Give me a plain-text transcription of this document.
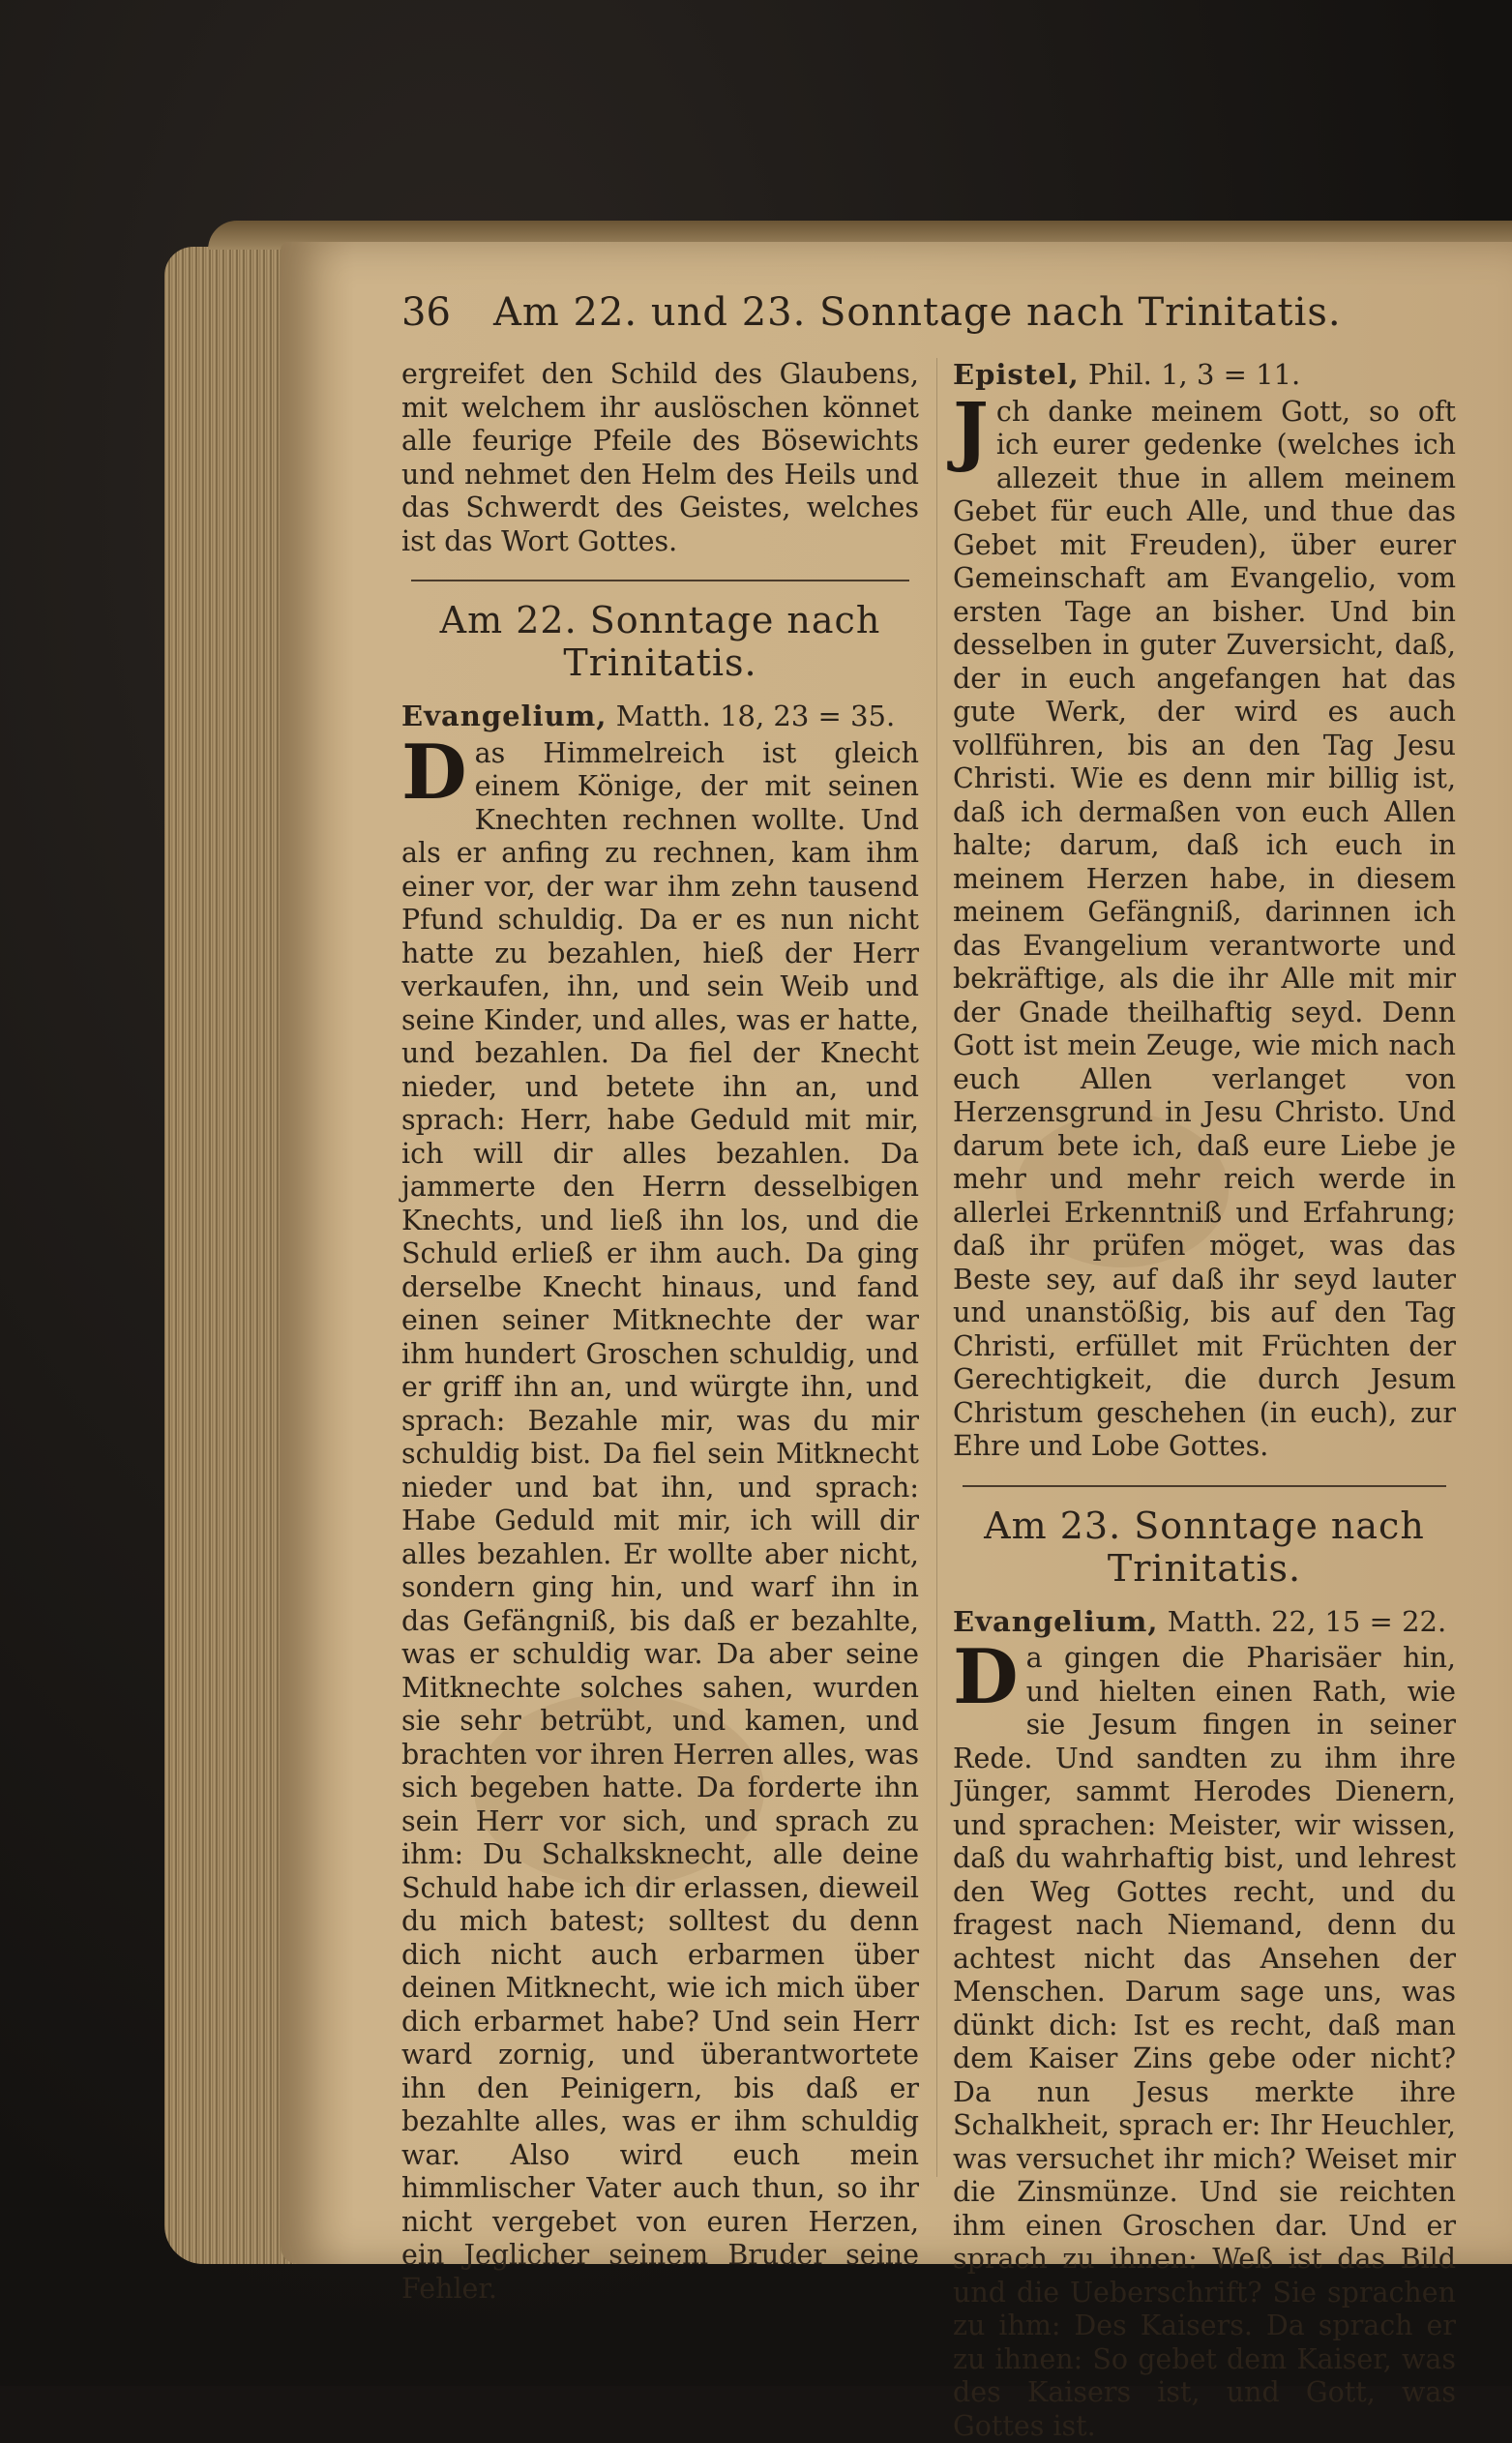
36 Am 22. und 23. Sonntage nach Trinitatis.

ergreifet den Schild des Glaubens, mit welchem ihr auslöschen könnet alle feurige Pfeile des Bösewichts und nehmet den Helm des Heils und das Schwerdt des Geistes, welches ist das Wort Gottes.

Am 22. Sonntage nach Trinitatis.
Evangelium, Matth. 18, 23 = 35.

Das Himmelreich ist gleich einem Könige, der mit seinen Knechten rechnen wollte. Und als er anfing zu rechnen, kam ihm einer vor, der war ihm zehn tausend Pfund schuldig. Da er es nun nicht hatte zu bezahlen, hieß der Herr verkaufen, ihn, und sein Weib und seine Kinder, und alles, was er hatte, und bezahlen. Da fiel der Knecht nieder, und betete ihn an, und sprach: Herr, habe Geduld mit mir, ich will dir alles bezahlen. Da jammerte den Herrn desselbigen Knechts, und ließ ihn los, und die Schuld erließ er ihm auch. Da ging derselbe Knecht hinaus, und fand einen seiner Mitknechte der war ihm hundert Groschen schuldig, und er griff ihn an, und würgte ihn, und sprach: Bezahle mir, was du mir schuldig bist. Da fiel sein Mitknecht nieder und bat ihn, und sprach: Habe Geduld mit mir, ich will dir alles bezahlen. Er wollte aber nicht, sondern ging hin, und warf ihn in das Gefängniß, bis daß er bezahlte, was er schuldig war. Da aber seine Mitknechte solches sahen, wurden sie sehr betrübt, und kamen, und brachten vor ihren Herren alles, was sich begeben hatte. Da forderte ihn sein Herr vor sich, und sprach zu ihm: Du Schalksknecht, alle deine Schuld habe ich dir erlassen, dieweil du mich batest; solltest du denn dich nicht auch erbarmen über deinen Mitknecht, wie ich mich über dich erbarmet habe? Und sein Herr ward zornig, und überantwortete ihn den Peinigern, bis daß er bezahlte alles, was er ihm schuldig war. Also wird euch mein himmlischer Vater auch thun, so ihr nicht vergebet von euren Herzen, ein Jeglicher seinem Bruder seine Fehler.

Epistel, Phil. 1, 3 = 11.

Jch danke meinem Gott, so oft ich eurer gedenke (welches ich allezeit thue in allem meinem Gebet für euch Alle, und thue das Gebet mit Freuden), über eurer Gemeinschaft am Evangelio, vom ersten Tage an bisher. Und bin desselben in guter Zuversicht, daß, der in euch angefangen hat das gute Werk, der wird es auch vollführen, bis an den Tag Jesu Christi. Wie es denn mir billig ist, daß ich dermaßen von euch Allen halte; darum, daß ich euch in meinem Herzen habe, in diesem meinem Gefängniß, darinnen ich das Evangelium verantworte und bekräftige, als die ihr Alle mit mir der Gnade theilhaftig seyd. Denn Gott ist mein Zeuge, wie mich nach euch Allen verlanget von Herzensgrund in Jesu Christo. Und darum bete ich, daß eure Liebe je mehr und mehr reich werde in allerlei Erkenntniß und Erfahrung; daß ihr prüfen möget, was das Beste sey, auf daß ihr seyd lauter und unanstößig, bis auf den Tag Christi, erfüllet mit Früchten der Gerechtigkeit, die durch Jesum Christum geschehen (in euch), zur Ehre und Lobe Gottes.

Am 23. Sonntage nach Trinitatis.
Evangelium, Matth. 22, 15 = 22.

Da gingen die Pharisäer hin, und hielten einen Rath, wie sie Jesum fingen in seiner Rede. Und sandten zu ihm ihre Jünger, sammt Herodes Dienern, und sprachen: Meister, wir wissen, daß du wahrhaftig bist, und lehrest den Weg Gottes recht, und du fragest nach Niemand, denn du achtest nicht das Ansehen der Menschen. Darum sage uns, was dünkt dich: Ist es recht, daß man dem Kaiser Zins gebe oder nicht? Da nun Jesus merkte ihre Schalkheit, sprach er: Ihr Heuchler, was versuchet ihr mich? Weiset mir die Zinsmünze. Und sie reichten ihm einen Groschen dar. Und er sprach zu ihnen: Weß ist das Bild und die Ueberschrift? Sie sprachen zu ihm: Des Kaisers. Da sprach er zu ihnen: So gebet dem Kaiser, was des Kaisers ist, und Gott, was Gottes ist.
